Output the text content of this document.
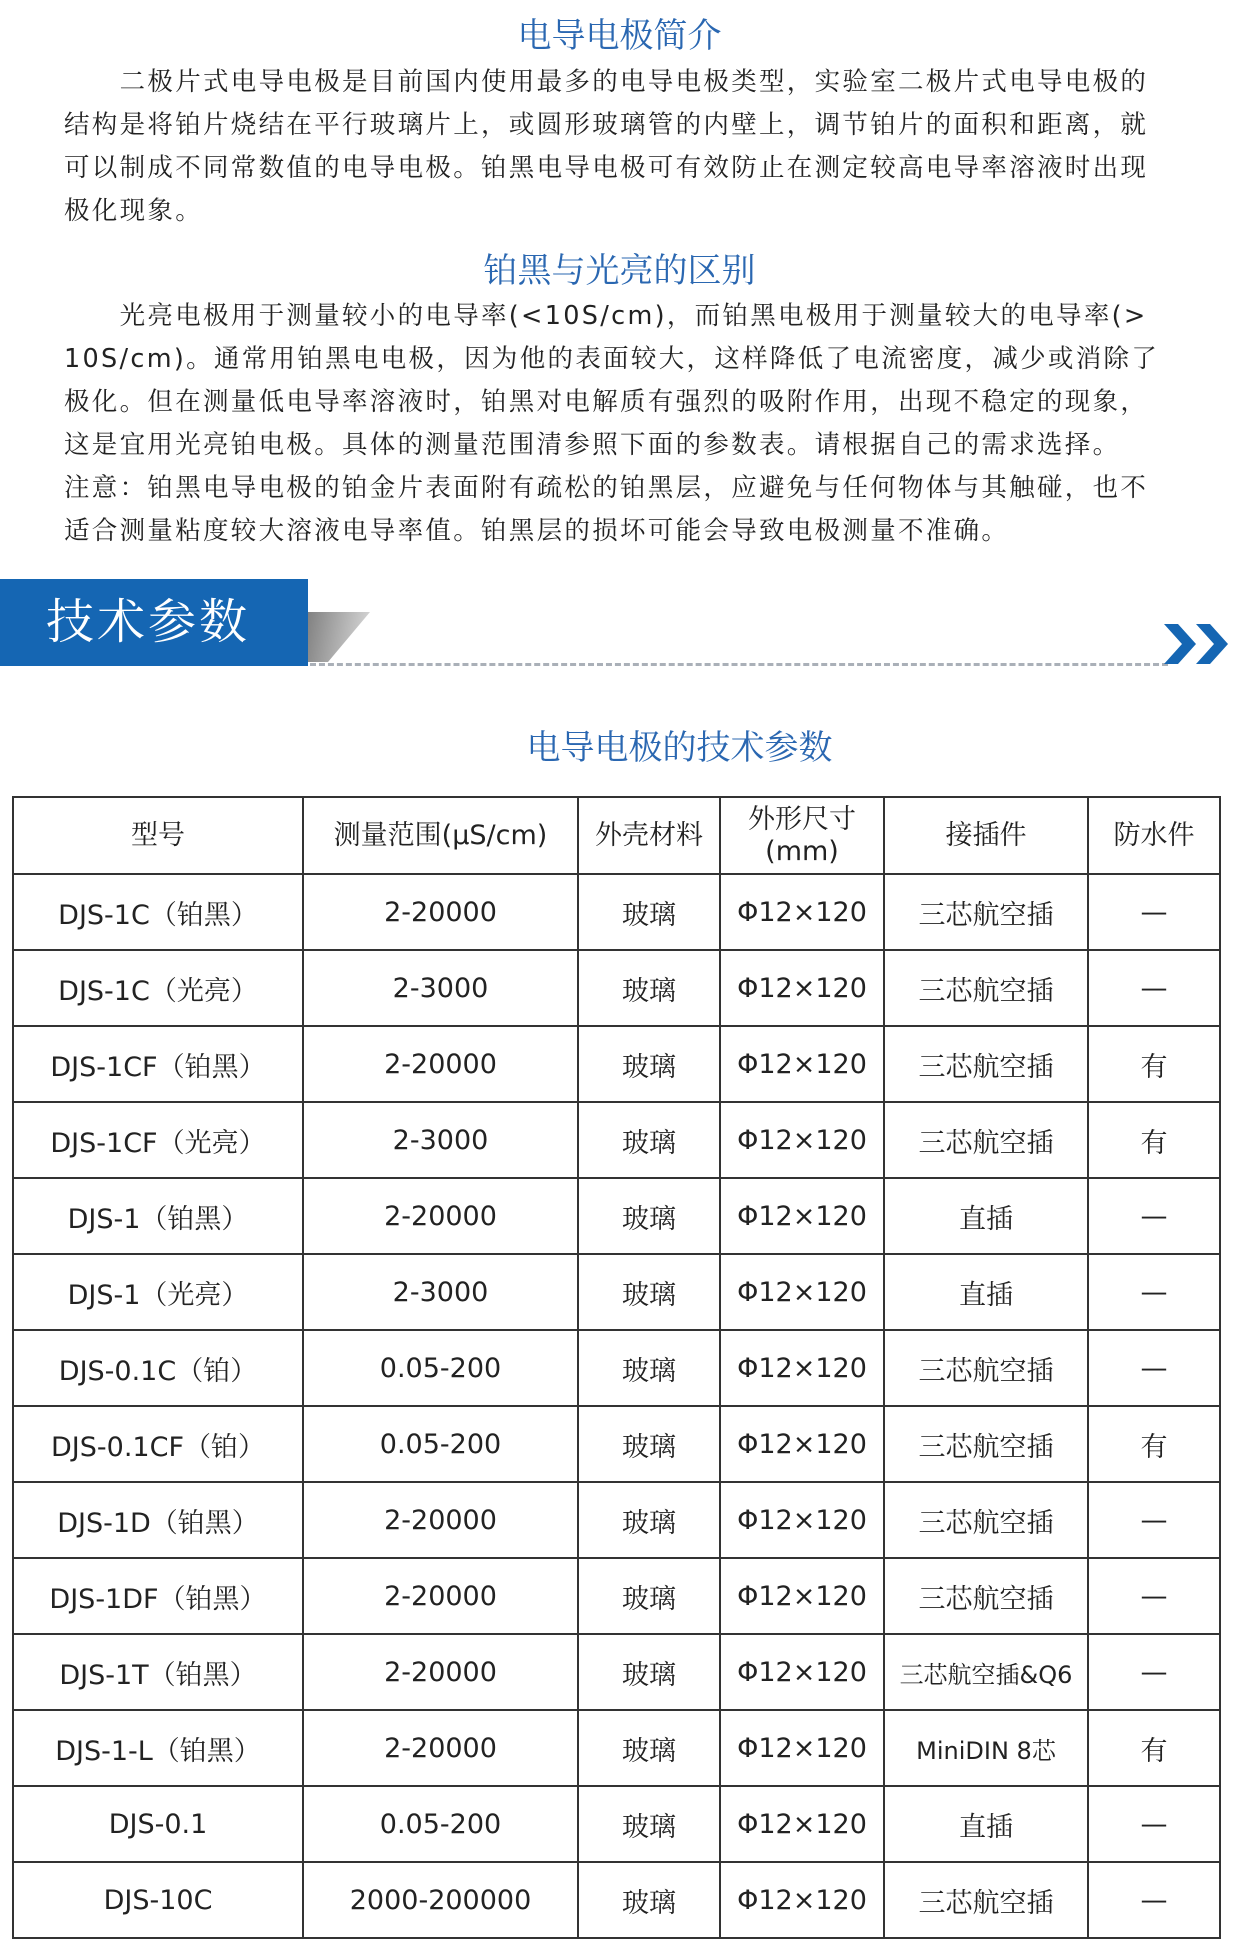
电导电极简介
　　二极片式电导电极是目前国内使用最多的电导电极类型，实验室二极片式电导电极的
结构是将铂片烧结在平行玻璃片上，或圆形玻璃管的内壁上，调节铂片的面积和距离，就
可以制成不同常数值的电导电极。铂黑电导电极可有效防止在测定较高电导率溶液时出现
极化现象。
铂黑与光亮的区别
　　光亮电极用于测量较小的电导率(<10S/cm)，而铂黑电极用于测量较大的电导率(>
10S/cm)。通常用铂黑电电极，因为他的表面较大，这样降低了电流密度，减少或消除了
极化。但在测量低电导率溶液时，铂黑对电解质有强烈的吸附作用，出现不稳定的现象，
这是宜用光亮铂电极。具体的测量范围清参照下面的参数表。请根据自己的需求选择。
注意：铂黑电导电极的铂金片表面附有疏松的铂黑层，应避免与任何物体与其触碰，也不
适合测量粘度较大溶液电导率值。铂黑层的损坏可能会导致电极测量不准确。
技术参数
电导电极的技术参数
型号	测量范围(μS/cm)	外壳材料	外形尺寸
(mm)	接插件	防水件
DJS-1C（铂黑）	2-20000	玻璃	Φ12×120	三芯航空插	—
DJS-1C（光亮）	2-3000	玻璃	Φ12×120	三芯航空插	—
DJS-1CF（铂黑）	2-20000	玻璃	Φ12×120	三芯航空插	有
DJS-1CF（光亮）	2-3000	玻璃	Φ12×120	三芯航空插	有
DJS-1（铂黑）	2-20000	玻璃	Φ12×120	直插	—
DJS-1（光亮）	2-3000	玻璃	Φ12×120	直插	—
DJS-0.1C（铂）	0.05-200	玻璃	Φ12×120	三芯航空插	—
DJS-0.1CF（铂）	0.05-200	玻璃	Φ12×120	三芯航空插	有
DJS-1D（铂黑）	2-20000	玻璃	Φ12×120	三芯航空插	—
DJS-1DF（铂黑）	2-20000	玻璃	Φ12×120	三芯航空插	—
DJS-1T（铂黑）	2-20000	玻璃	Φ12×120	三芯航空插&Q6	—
DJS-1-L（铂黑）	2-20000	玻璃	Φ12×120	MiniDIN 8芯	有
DJS-0.1	0.05-200	玻璃	Φ12×120	直插	—
DJS-10C	2000-200000	玻璃	Φ12×120	三芯航空插	—
